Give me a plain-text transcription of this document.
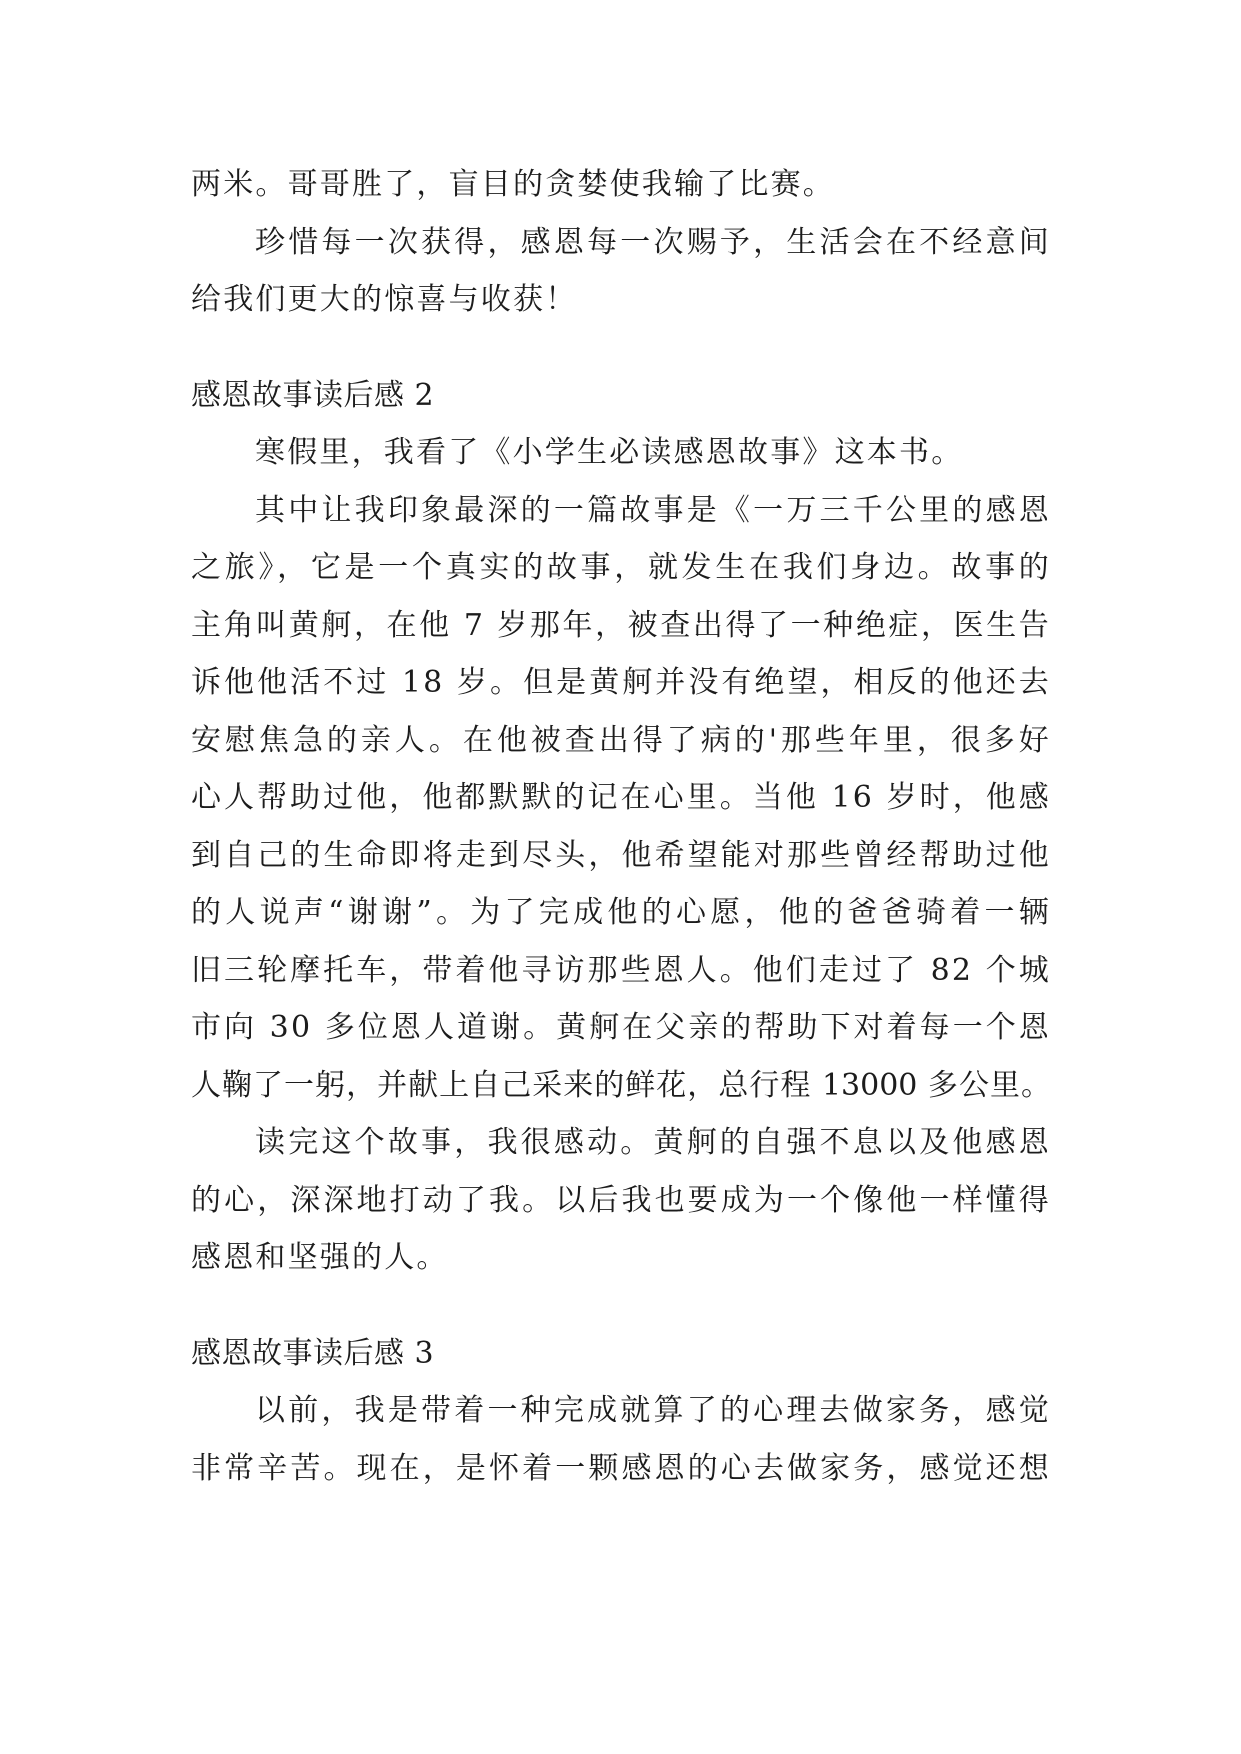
两米。哥哥胜了，盲目的贪婪使我输了比赛。
珍惜每一次获得，感恩每一次赐予，生活会在不经意间
给我们更大的惊喜与收获！
感恩故事读后感 2
寒假里，我看了《小学生必读感恩故事》这本书。
其中让我印象最深的一篇故事是《一万三千公里的感恩
之旅》，它是一个真实的故事，就发生在我们身边。故事的
主角叫黄舸，在他 7 岁那年，被查出得了一种绝症，医生告
诉他他活不过 18 岁。但是黄舸并没有绝望，相反的他还去
安慰焦急的亲人。在他被查出得了病的'那些年里，很多好
心人帮助过他，他都默默的记在心里。当他 16 岁时，他感
到自己的生命即将走到尽头，他希望能对那些曾经帮助过他
的人说声“谢谢”。为了完成他的心愿，他的爸爸骑着一辆
旧三轮摩托车，带着他寻访那些恩人。他们走过了 82 个城
市向 30 多位恩人道谢。黄舸在父亲的帮助下对着每一个恩
人鞠了一躬，并献上自己采来的鲜花，总行程 13000 多公里。
读完这个故事，我很感动。黄舸的自强不息以及他感恩
的心，深深地打动了我。以后我也要成为一个像他一样懂得
感恩和坚强的人。
感恩故事读后感 3
以前，我是带着一种完成就算了的心理去做家务，感觉
非常辛苦。现在，是怀着一颗感恩的心去做家务，感觉还想
